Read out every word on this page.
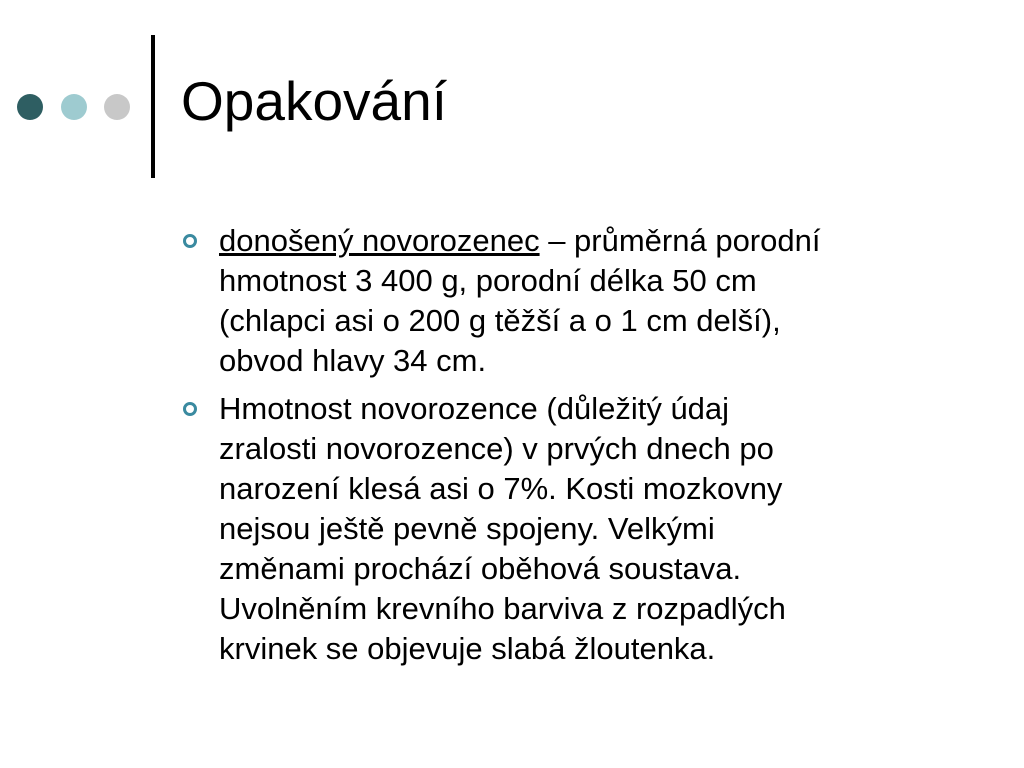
Opakování
donošený novorozenec – průměrná porodní
hmotnost 3 400 g, porodní délka 50 cm
(chlapci asi o 200 g těžší a o 1 cm delší),
obvod hlavy 34 cm.
Hmotnost novorozence (důležitý údaj
zralosti novorozence) v prvých dnech po
narození klesá asi o 7%. Kosti mozkovny
nejsou ještě pevně spojeny. Velkými
změnami prochází oběhová soustava.
Uvolněním krevního barviva z rozpadlých
krvinek se objevuje slabá žloutenka.
